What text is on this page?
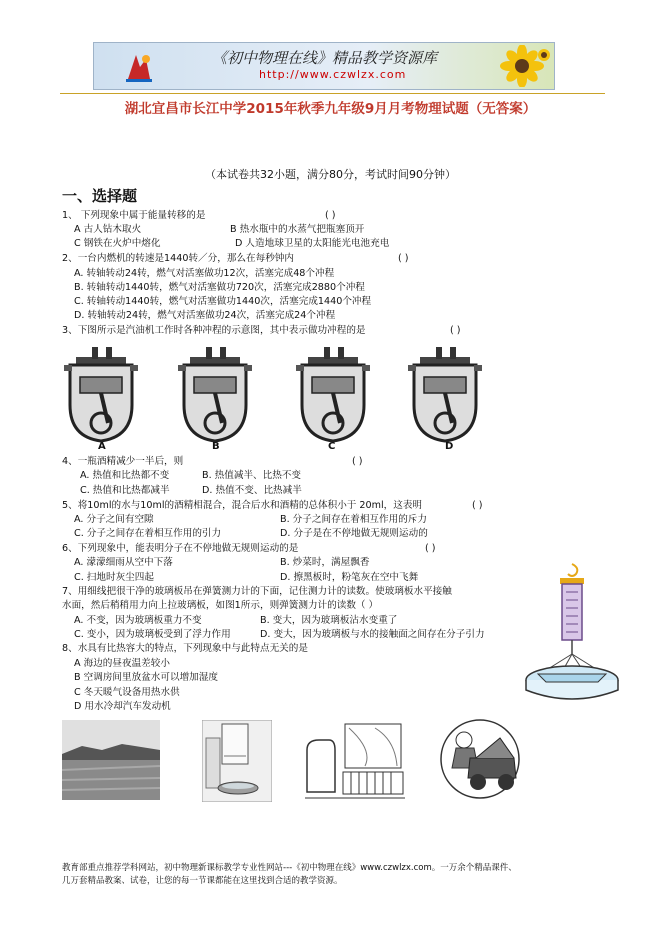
《初中物理在线》精品教学资源库
http://www.czwlzx.com
湖北宜昌市长江中学2015年秋季九年级9月月考物理试题（无答案）
（本试卷共32小题，满分80分，考试时间90分钟）
一、选择题
1、 下列现象中属于能量转移的是	( )
A 古人钻木取火	B 热水瓶中的水蒸气把瓶塞顶开
C 钢铁在火炉中熔化	D 人造地球卫星的太阳能光电池充电
2、一台内燃机的转速是1440转／分，那么在每秒钟内	( )
A. 转轴转动24转，燃气对活塞做功12次，活塞完成48个冲程
B. 转轴转动1440转，燃气对活塞做功720次，活塞完成2880个冲程
C. 转轴转动1440转，燃气对活塞做功1440次，活塞完成1440个冲程
D. 转轴转动24转，燃气对活塞做功24次，活塞完成24个冲程
3、下图所示是汽油机工作时各种冲程的示意图，其中表示做功冲程的是	( )
A	B	C	D
4、一瓶酒精减少一半后，则	( )
A. 热值和比热都不变	B. 热值减半、比热不变
C. 热值和比热都减半	D. 热值不变、比热减半
5、将10ml的水与10ml的酒精相混合，混合后水和酒精的总体积小于 20ml，这表明	( )
A. 分子之间有空隙	B. 分子之间存在着相互作用的斥力
C. 分子之间存在着相互作用的引力	D. 分子是在不停地做无规则运动的
6、下列现象中，能表明分子在不停地做无规则运动的是	( )
A. 濛濛细雨从空中下落	B. 炒菜时，满屋飘香
C. 扫地时灰尘四起	D. 擦黑板时，粉笔灰在空中飞舞
7、用细线把很干净的玻璃板吊在弹簧测力计的下面，记住测力计的读数。使玻璃板水平接触
水面，然后稍稍用力向上拉玻璃板，如图1所示，则弹簧测力计的读数（ ）
A. 不变，因为玻璃板重力不变	B. 变大，因为玻璃板沾水变重了
C. 变小，因为玻璃板受到了浮力作用	D. 变大，因为玻璃板与水的接触面之间存在分子引力
8、水具有比热容大的特点，下列现象中与此特点无关的是
A 海边的昼夜温差较小
B 空调房间里放盆水可以增加湿度
C 冬天暖气设备用热水供
D 用水冷却汽车发动机
教育部重点推荐学科网站，初中物理新课标教学专业性网站---《初中物理在线》www.czwlzx.com。一万余个精品课件、
几万套精品教案、试卷，让您的每一节课都能在这里找到合适的教学资源。
